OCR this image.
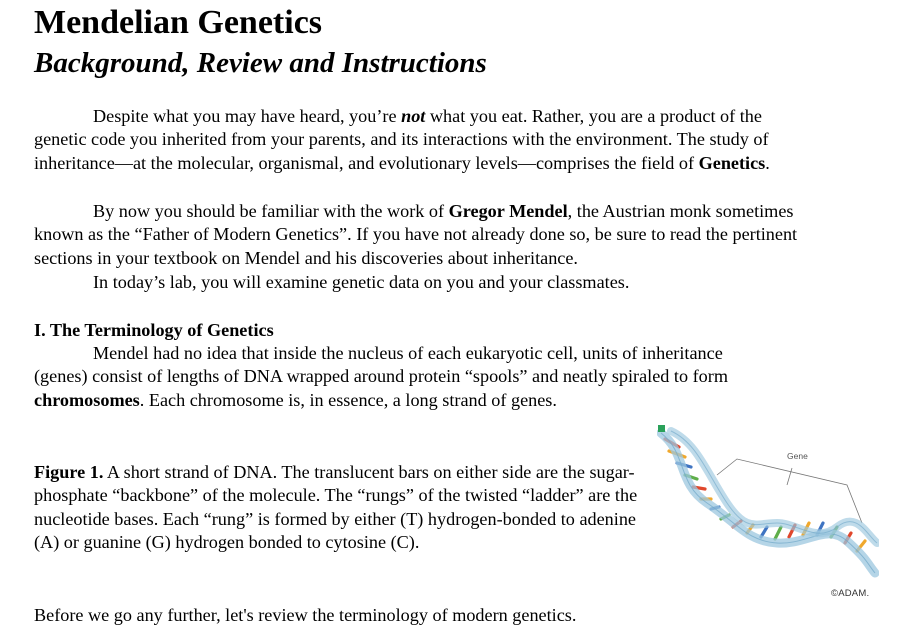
Mendelian Genetics
Background, Review and Instructions

Despite what you may have heard, you’re not what you eat. Rather, you are a product of the genetic code you inherited from your parents, and its interactions with the environment. The study of inheritance—at the molecular, organismal, and evolutionary levels—comprises the field of Genetics.

By now you should be familiar with the work of Gregor Mendel, the Austrian monk sometimes known as the “Father of Modern Genetics”. If you have not already done so, be sure to read the pertinent sections in your textbook on Mendel and his discoveries about inheritance.

In today’s lab, you will examine genetic data on you and your classmates.

I. The Terminology of Genetics

Mendel had no idea that inside the nucleus of each eukaryotic cell, units of inheritance (genes) consist of lengths of DNA wrapped around protein “spools” and neatly spiraled to form chromosomes. Each chromosome is, in essence, a long strand of genes.

Figure 1. A short strand of DNA. The translucent bars on either side are the sugar-phosphate “backbone” of the molecule. The “rungs” of the twisted “ladder” are the nucleotide bases. Each “rung” is formed by either (T) hydrogen-bonded to adenine (A) or guanine (G) hydrogen bonded to cytosine (C).

Before we go any further, let's review the terminology of modern genetics.

Gene
©ADAM.
